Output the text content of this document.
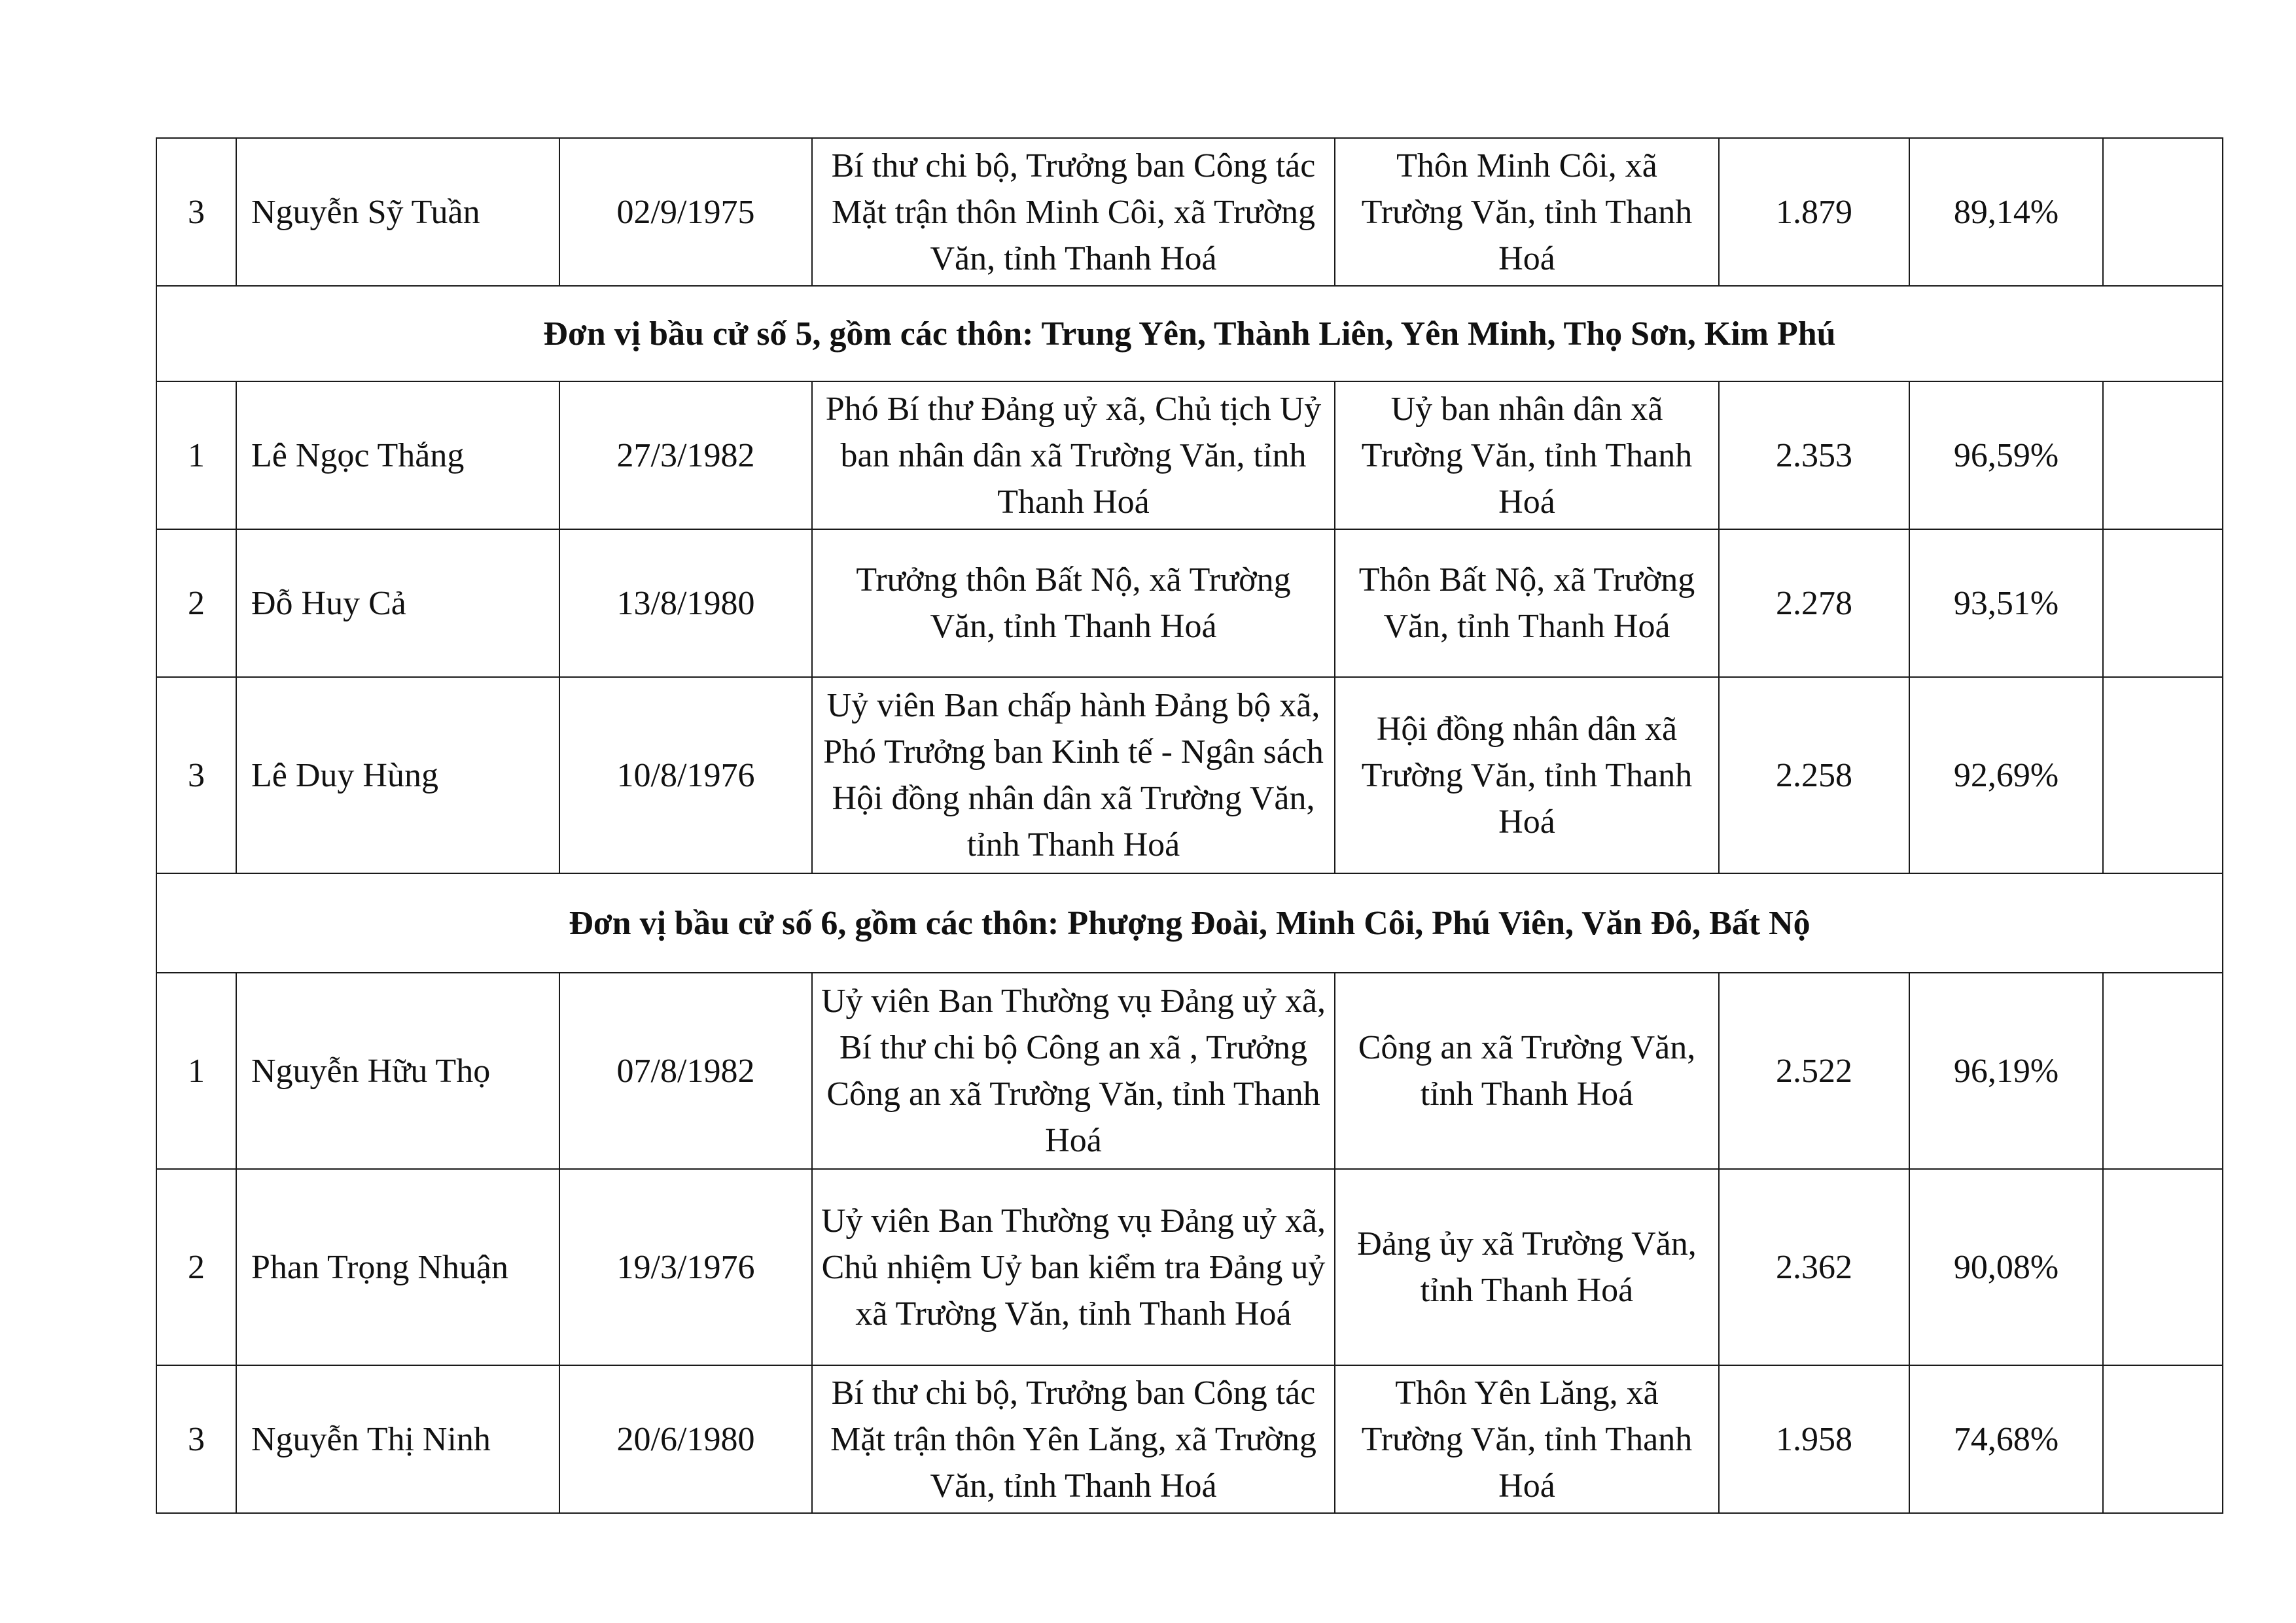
3	Nguyễn Sỹ Tuần	02/9/1975	Bí thư chi bộ, Trưởng ban Công tác Mặt trận thôn Minh Côi, xã Trường Văn, tỉnh Thanh Hoá	Thôn Minh Côi, xã Trường Văn, tỉnh Thanh Hoá	1.879	89,14%	
Đơn vị bầu cử số 5, gồm các thôn: Trung Yên, Thành Liên, Yên Minh, Thọ Sơn, Kim Phú							
1	Lê Ngọc Thắng	27/3/1982	Phó Bí thư Đảng uỷ xã, Chủ tịch Uỷ ban nhân dân xã Trường Văn, tỉnh Thanh Hoá	Uỷ ban nhân dân xã Trường Văn, tỉnh Thanh Hoá	2.353	96,59%	
2	Đỗ Huy Cả	13/8/1980	Trưởng thôn Bất Nộ, xã Trường Văn, tỉnh Thanh Hoá	Thôn Bất Nộ, xã Trường Văn, tỉnh Thanh Hoá	2.278	93,51%	
3	Lê Duy Hùng	10/8/1976	Uỷ viên Ban chấp hành Đảng bộ xã, Phó Trưởng ban Kinh tế - Ngân sách Hội đồng nhân dân xã Trường Văn, tỉnh Thanh Hoá	Hội đồng nhân dân xã Trường Văn, tỉnh Thanh Hoá	2.258	92,69%	
Đơn vị bầu cử số 6, gồm các thôn: Phượng Đoài, Minh Côi, Phú Viên, Văn Đô, Bất Nộ							
1	Nguyễn Hữu Thọ	07/8/1982	Uỷ viên Ban Thường vụ Đảng uỷ xã, Bí thư chi bộ Công an xã , Trưởng Công an xã Trường Văn, tỉnh Thanh Hoá	Công an xã Trường Văn, tỉnh Thanh Hoá	2.522	96,19%	
2	Phan Trọng Nhuận	19/3/1976	Uỷ viên Ban Thường vụ Đảng uỷ xã, Chủ nhiệm Uỷ ban kiểm tra Đảng uỷ xã Trường Văn, tỉnh Thanh Hoá	Đảng ủy xã Trường Văn, tỉnh Thanh Hoá	2.362	90,08%	
3	Nguyễn Thị Ninh	20/6/1980	Bí thư chi bộ, Trưởng ban Công tác Mặt trận thôn Yên Lăng, xã Trường Văn, tỉnh Thanh Hoá	Thôn Yên Lăng, xã Trường Văn, tỉnh Thanh Hoá	1.958	74,68%	
